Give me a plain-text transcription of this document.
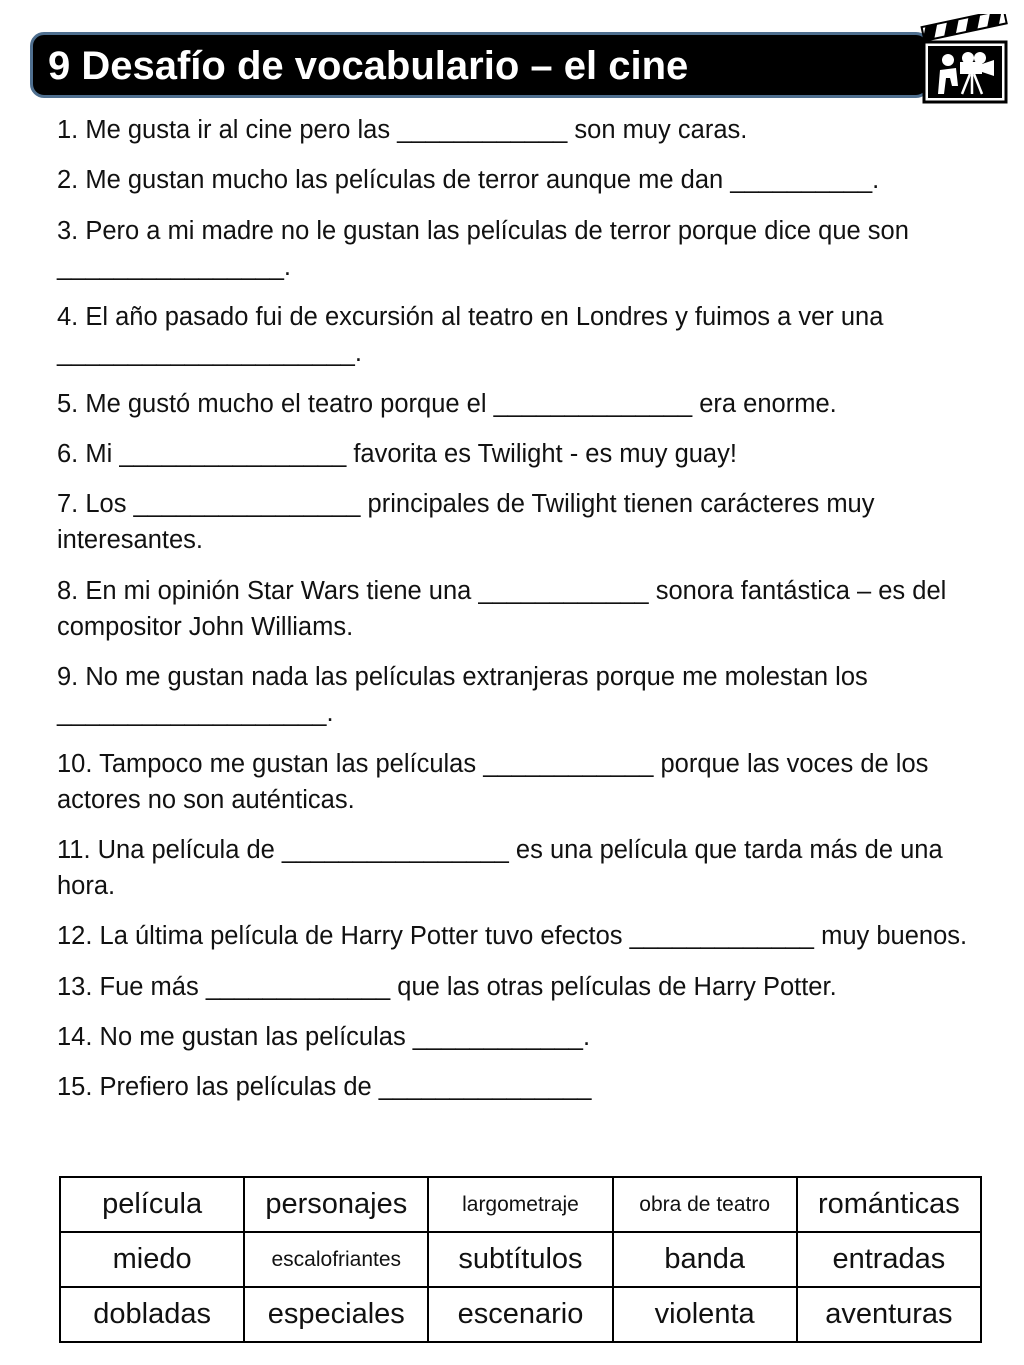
9 Desafío de vocabulario – el cine
1. Me gusta ir al cine pero las ____________ son muy caras.
2. Me gustan mucho las películas de terror aunque me dan __________.
3. Pero a mi madre no le gustan las películas de terror porque dice que son ________________.
4. El año pasado fui de excursión al teatro en Londres y fuimos a ver una _____________________.
5. Me gustó mucho el teatro porque el ______________ era enorme.
6. Mi ________________ favorita es Twilight - es muy guay!
7. Los ________________ principales de Twilight tienen carácteres muy interesantes.
8. En mi opinión Star Wars tiene una ____________ sonora fantástica – es del compositor John Williams.
9. No me gustan nada las películas extranjeras porque me molestan los ___________________.
10. Tampoco me gustan las películas ____________ porque las voces de los actores no son auténticas.
11. Una película de ________________ es una película que tarda más de una hora.
12. La última película de Harry Potter tuvo efectos _____________ muy buenos.
13. Fue más _____________ que las otras películas de Harry Potter.
14. No me gustan las películas ____________.
15. Prefiero las películas de _______________
película	personajes	largometraje	obra de teatro	románticas
miedo	escalofriantes	subtítulos	banda	entradas
dobladas	especiales	escenario	violenta	aventuras
